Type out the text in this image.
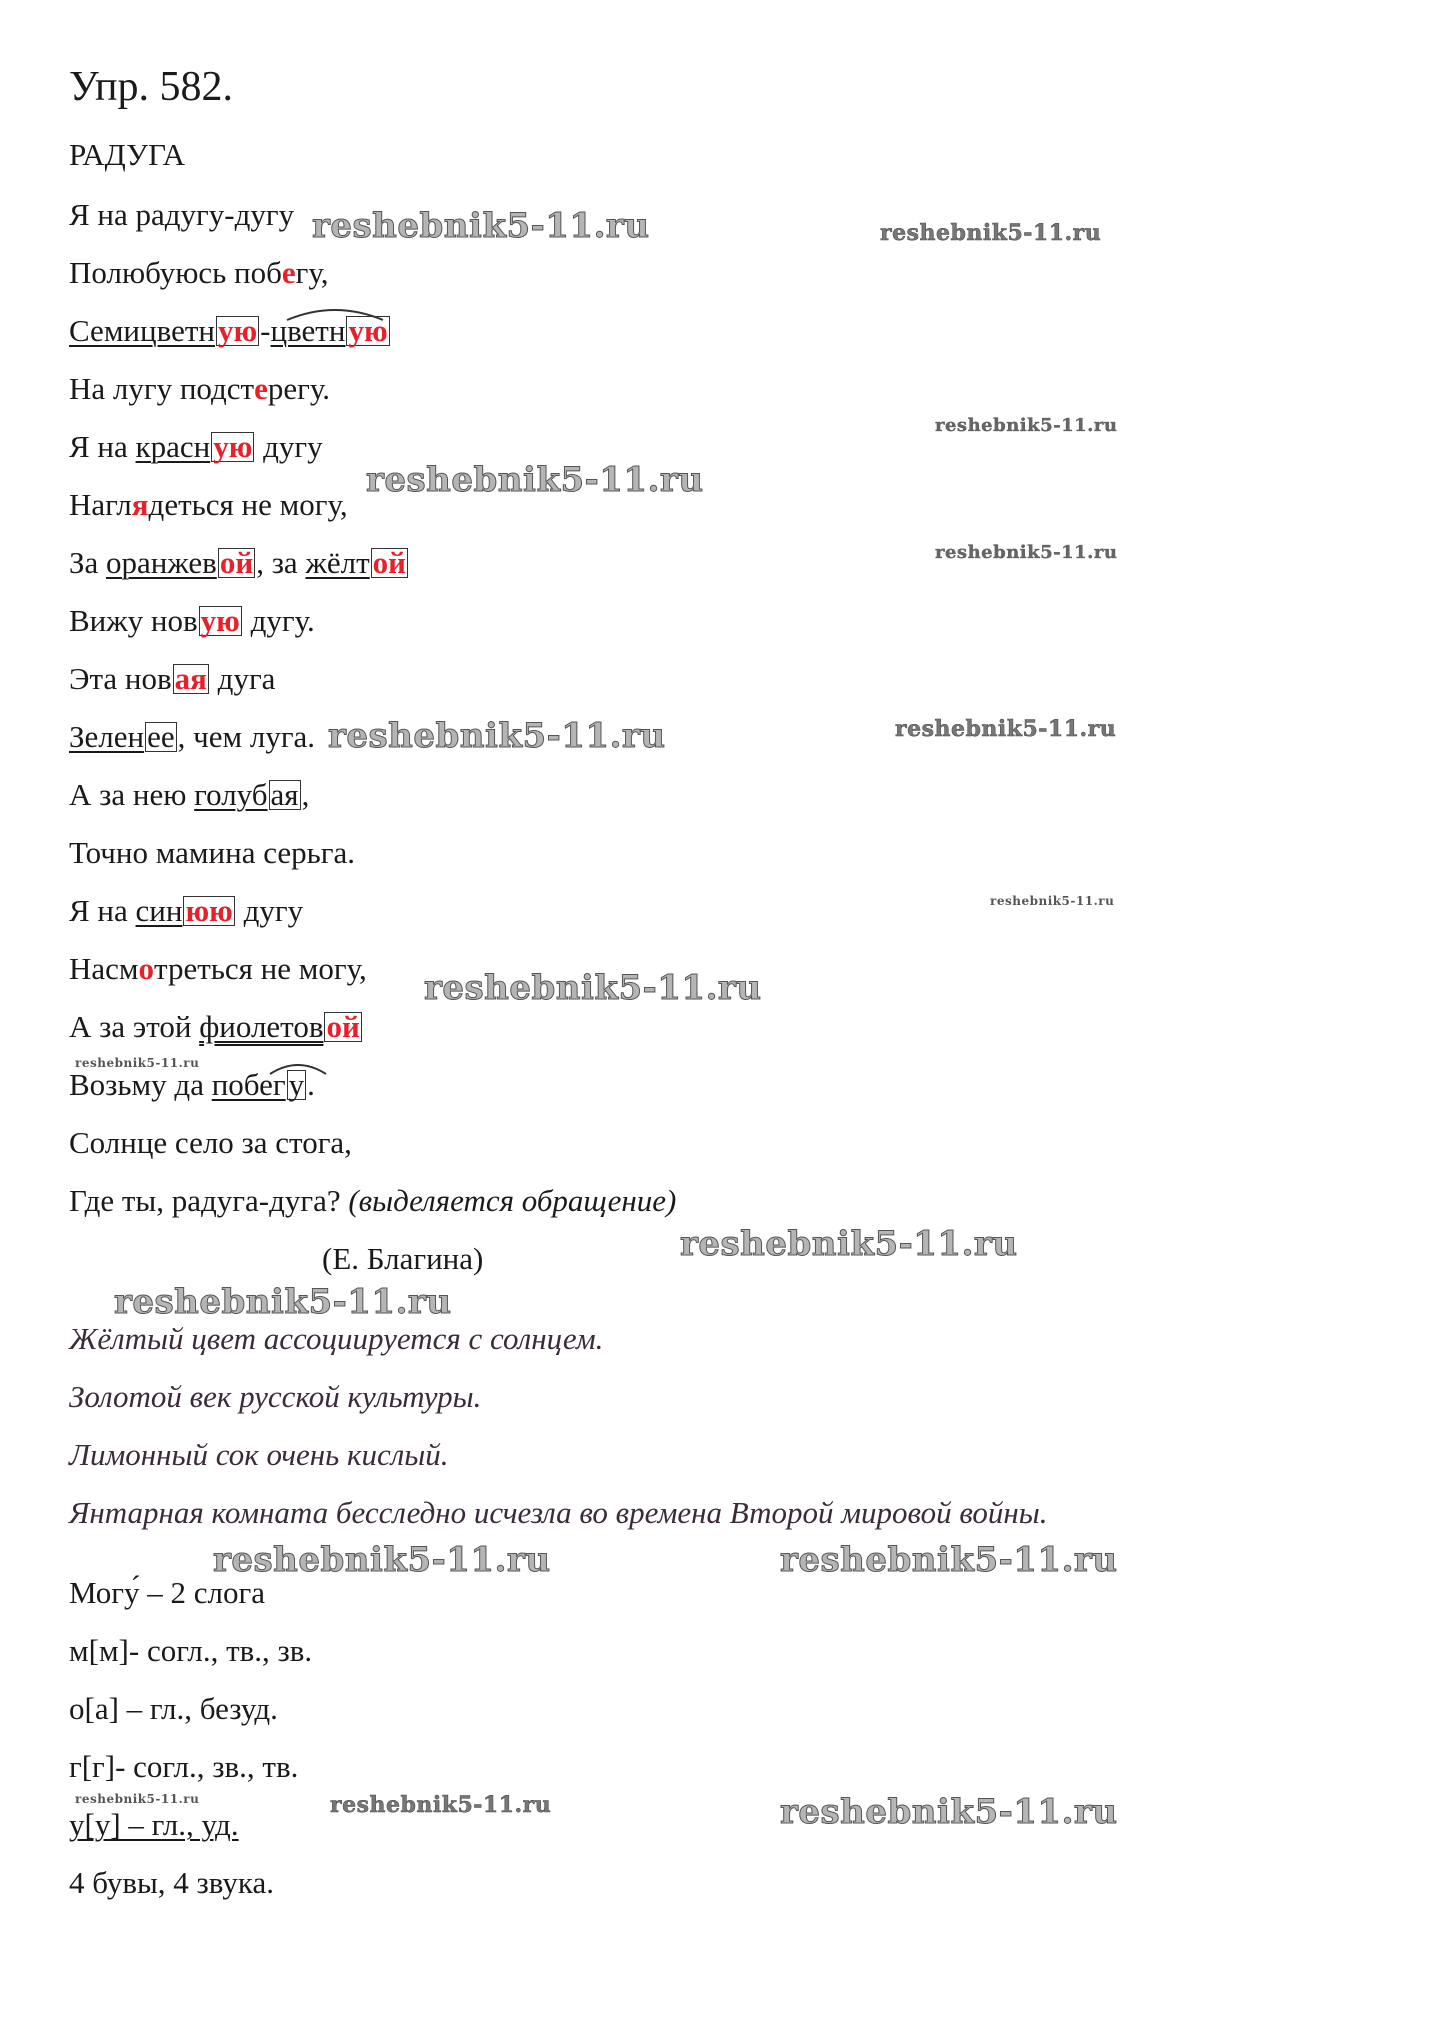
Упр. 582.

РАДУГА

Я на радугу-дугу

Полюбуюсь побегу,

Семицветную-цветную

На лугу подстерегу.

Я на красную дугу

Наглядеться не могу,

За оранжевой, за жёлтой

Вижу новую дугу.

Эта новая дуга

Зеленее, чем луга.

А за нею голубая,

Точно мамина серьга.

Я на синюю дугу

Насмотреться не могу,

А за этой фиолетовой

Возьму да побегу.

Солнце село за стога,

Где ты, радуга-дуга? (выделяется обращение)

(Е. Благина)

Жёлтый цвет ассоциируется с солнцем.

Золотой век русской культуры.

Лимонный сок очень кислый.

Янтарная комната бесследно исчезла во времена Второй мировой войны.

Могу́ – 2 слога

м[м]- согл., тв., зв.

о[а] – гл., безуд.

г[г]- согл., зв., тв.

у[у] – гл., уд.

4 бувы, 4 звука.

reshebnik5-11.ru	reshebnik5-11.ru
reshebnik5-11.ru
reshebnik5-11.ru
reshebnik5-11.ru
reshebnik5-11.ru	reshebnik5-11.ru
reshebnik5-11.ru
reshebnik5-11.ru
reshebnik5-11.ru
reshebnik5-11.ru
reshebnik5-11.ru
reshebnik5-11.ru	reshebnik5-11.ru
reshebnik5-11.ru	reshebnik5-11.ru	reshebnik5-11.ru
